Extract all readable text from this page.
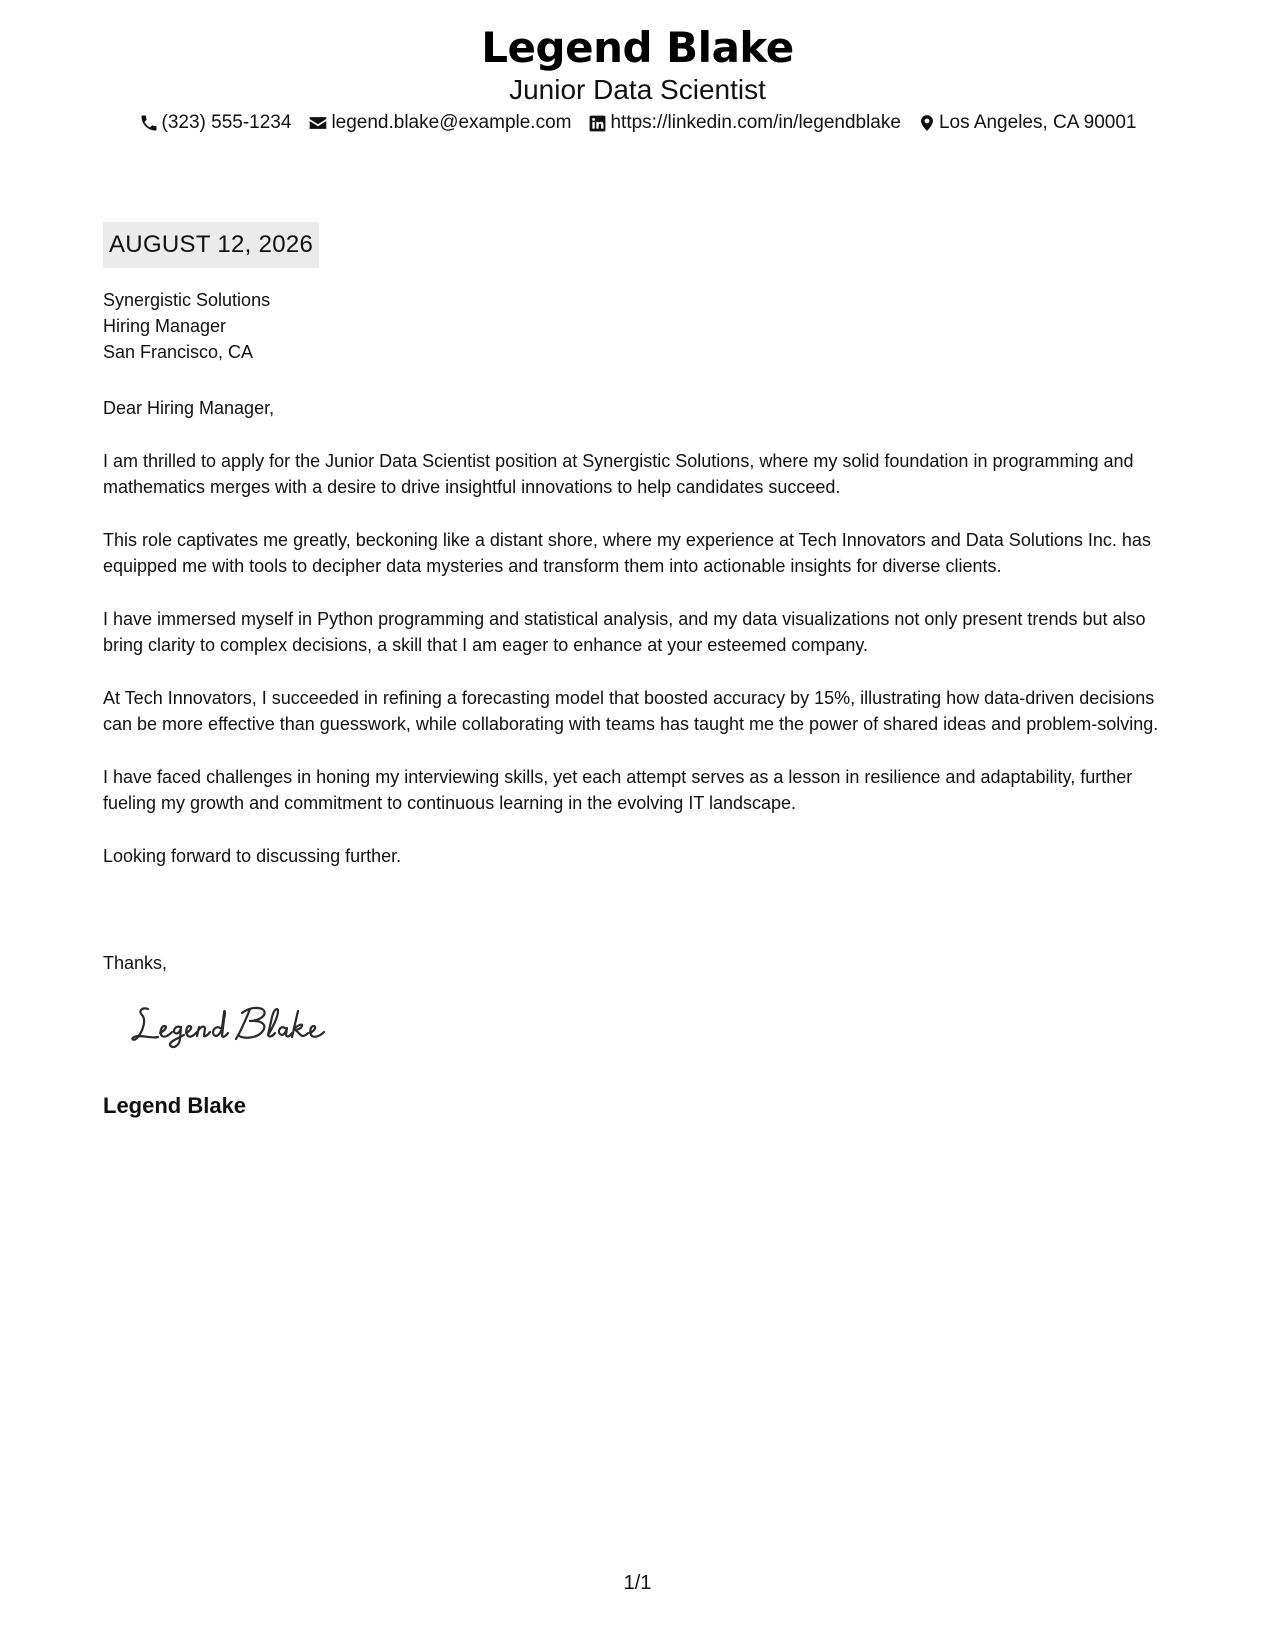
Legend Blake
Junior Data Scientist
(323) 555-1234 legend.blake@example.com https://linkedin.com/in/legendblake Los Angeles, CA 90001
AUGUST 12, 2026
Synergistic Solutions
Hiring Manager
San Francisco, CA

Dear Hiring Manager,

I am thrilled to apply for the Junior Data Scientist position at Synergistic Solutions, where my solid foundation in programming and mathematics merges with a desire to drive insightful innovations to help candidates succeed.

This role captivates me greatly, beckoning like a distant shore, where my experience at Tech Innovators and Data Solutions Inc. has equipped me with tools to decipher data mysteries and transform them into actionable insights for diverse clients.

I have immersed myself in Python programming and statistical analysis, and my data visualizations not only present trends but also bring clarity to complex decisions, a skill that I am eager to enhance at your esteemed company.

At Tech Innovators, I succeeded in refining a forecasting model that boosted accuracy by 15%, illustrating how data-driven decisions can be more effective than guesswork, while collaborating with teams has taught me the power of shared ideas and problem-solving.

I have faced challenges in honing my interviewing skills, yet each attempt serves as a lesson in resilience and adaptability, further fueling my growth and commitment to continuous learning in the evolving IT landscape.

Looking forward to discussing further.

Thanks,
Legend Blake
1/1
